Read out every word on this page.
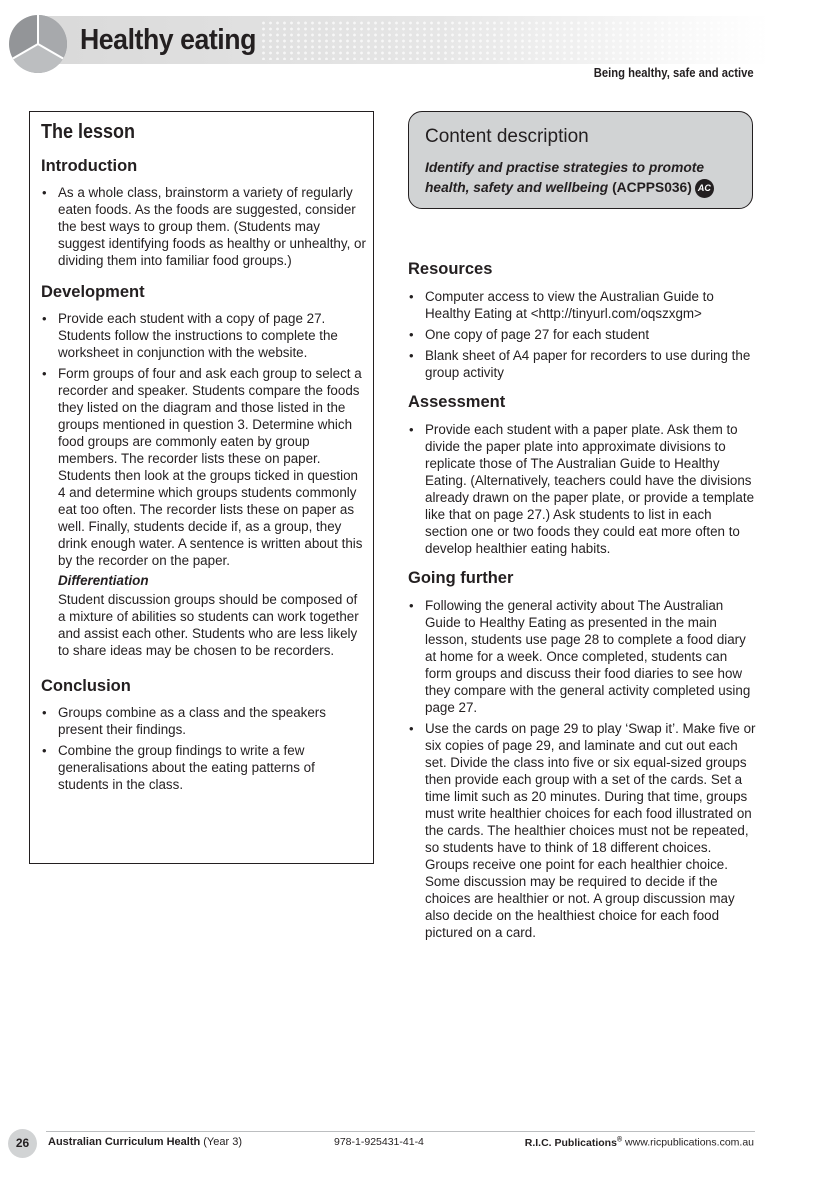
Healthy eating
Being healthy, safe and active
The lesson
Introduction
• As a whole class, brainstorm a variety of regularly eaten foods. As the foods are suggested, consider the best ways to group them. (Students may suggest identifying foods as healthy or unhealthy, or dividing them into familiar food groups.)
Development
• Provide each student with a copy of page 27. Students follow the instructions to complete the worksheet in conjunction with the website.
• Form groups of four and ask each group to select a recorder and speaker. Students compare the foods they listed on the diagram and those listed in the groups mentioned in question 3. Determine which food groups are commonly eaten by group members. The recorder lists these on paper. Students then look at the groups ticked in question 4 and determine which groups students commonly eat too often. The recorder lists these on paper as well. Finally, students decide if, as a group, they drink enough water. A sentence is written about this by the recorder on the paper.
Differentiation

Student discussion groups should be composed of a mixture of abilities so students can work together and assist each other. Students who are less likely to share ideas may be chosen to be recorders.

Conclusion
• Groups combine as a class and the speakers present their findings.
• Combine the group findings to write a few generalisations about the eating patterns of students in the class.
Content description
Identify and practise strategies to promote health, safety and wellbeing (ACPPS036) AC
Resources
• Computer access to view the Australian Guide to Healthy Eating at <http://tinyurl.com/oqszxgm>
• One copy of page 27 for each student
• Blank sheet of A4 paper for recorders to use during the group activity
Assessment
• Provide each student with a paper plate. Ask them to divide the paper plate into approximate divisions to replicate those of The Australian Guide to Healthy Eating. (Alternatively, teachers could have the divisions already drawn on the paper plate, or provide a template like that on page 27.) Ask students to list in each section one or two foods they could eat more often to develop healthier eating habits.
Going further
• Following the general activity about The Australian Guide to Healthy Eating as presented in the main lesson, students use page 28 to complete a food diary at home for a week. Once completed, students can form groups and discuss their food diaries to see how they compare with the general activity completed using page 27.
• Use the cards on page 29 to play ‘Swap it’. Make five or six copies of page 29, and laminate and cut out each set. Divide the class into five or six equal-sized groups then provide each group with a set of the cards. Set a time limit such as 20 minutes. During that time, groups must write healthier choices for each food illustrated on the cards. The healthier choices must not be repeated, so students have to think of 18 different choices. Groups receive one point for each healthier choice. Some discussion may be required to decide if the choices are healthier or not. A group discussion may also decide on the healthiest choice for each food pictured on a card.
26	Australian Curriculum Health (Year 3)	978-1-925431-41-4	R.I.C. Publications® www.ricpublications.com.au
